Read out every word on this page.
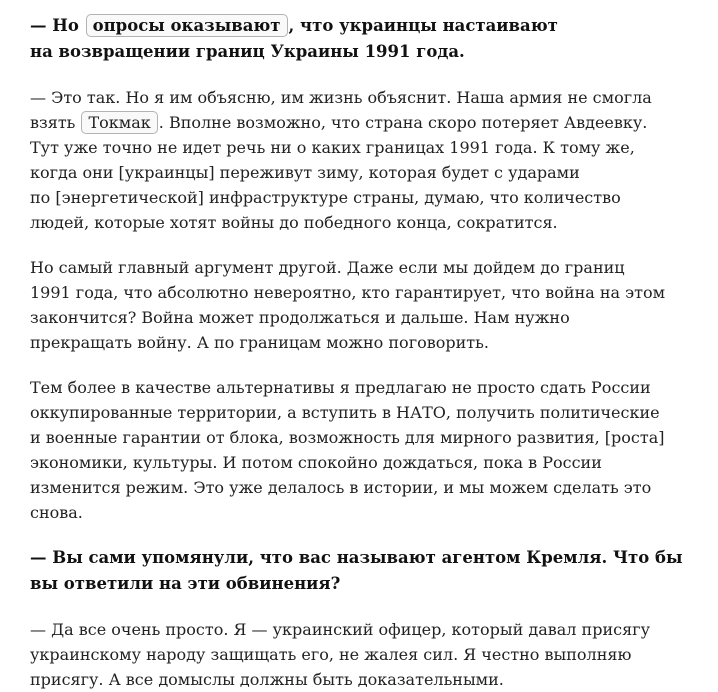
— Но опросы оказывают , что украинцы настаивают
на возвращении границ Украины 1991 года.

— Это так. Но я им объясню, им жизнь объяснит. Наша армия не смогла
взять Токмак . Вполне возможно, что страна скоро потеряет Авдеевку.
Тут уже точно не идет речь ни о каких границах 1991 года. К тому же,
когда они [украинцы] переживут зиму, которая будет с ударами
по [энергетической] инфраструктуре страны, думаю, что количество
людей, которые хотят войны до победного конца, сократится.

Но самый главный аргумент другой. Даже если мы дойдем до границ
1991 года, что абсолютно невероятно, кто гарантирует, что война на этом
закончится? Война может продолжаться и дальше. Нам нужно
прекращать войну. А по границам можно поговорить.

Тем более в качестве альтернативы я предлагаю не просто сдать России
оккупированные территории, а вступить в НАТО, получить политические
и военные гарантии от блока, возможность для мирного развития, [роста]
экономики, культуры. И потом спокойно дождаться, пока в России
изменится режим. Это уже делалось в истории, и мы можем сделать это
снова.

— Вы сами упомянули, что вас называют агентом Кремля. Что бы
вы ответили на эти обвинения?

— Да все очень просто. Я — украинский офицер, который давал присягу
украинскому народу защищать его, не жалея сил. Я честно выполняю
присягу. А все домыслы должны быть доказательными.
